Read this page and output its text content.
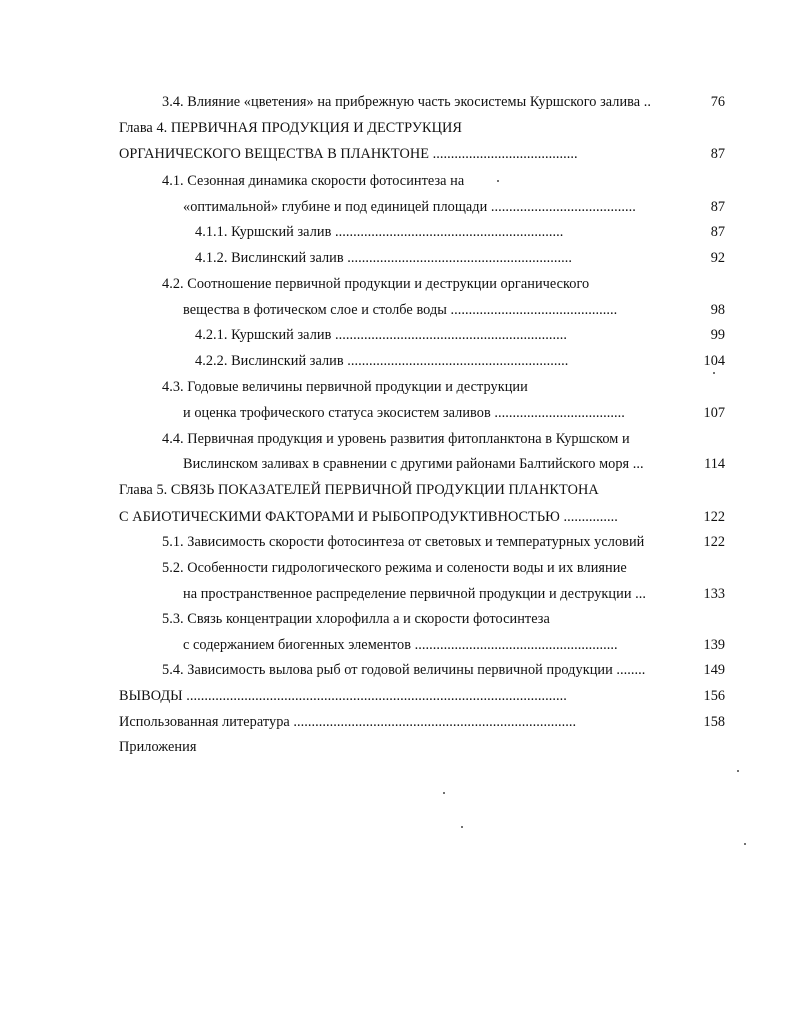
3.4. Влияние «цветения» на прибрежную часть экосистемы Куршского залива ..	76
Глава 4. ПЕРВИЧНАЯ ПРОДУКЦИЯ И ДЕСТРУКЦИЯ
ОРГАНИЧЕСКОГО ВЕЩЕСТВА В ПЛАНКТОНЕ ........................................	87
4.1. Сезонная динамика скорости фотосинтеза на
«оптимальной» глубине и под единицей площади ........................................	87
4.1.1. Куршский залив ...............................................................	87
4.1.2. Вислинский залив ..............................................................	92
4.2. Соотношение первичной продукции и деструкции органического
вещества в фотическом слое и столбе воды ..............................................	98
4.2.1. Куршский залив ................................................................	99
4.2.2. Вислинский залив .............................................................	104
4.3. Годовые величины первичной продукции и деструкции
и оценка трофического статуса экосистем заливов ....................................	107
4.4. Первичная продукция и уровень развития фитопланктона в Куршском и
Вислинском заливах в сравнении с другими районами Балтийского моря ...	114
Глава 5. СВЯЗЬ ПОКАЗАТЕЛЕЙ ПЕРВИЧНОЙ ПРОДУКЦИИ ПЛАНКТОНА
С АБИОТИЧЕСКИМИ ФАКТОРАМИ И РЫБОПРОДУКТИВНОСТЬЮ ...............	122
5.1. Зависимость скорости фотосинтеза от световых и температурных условий	122
5.2. Особенности гидрологического режима и солености воды и их влияние
на пространственное распределение первичной продукции и деструкции ...	133
5.3. Связь концентрации хлорофилла а и скорости фотосинтеза
с содержанием биогенных элементов ........................................................	139
5.4. Зависимость вылова рыб от годовой величины первичной продукции ........	149
ВЫВОДЫ .........................................................................................................	156
Использованная литература ..............................................................................	158
Приложения
